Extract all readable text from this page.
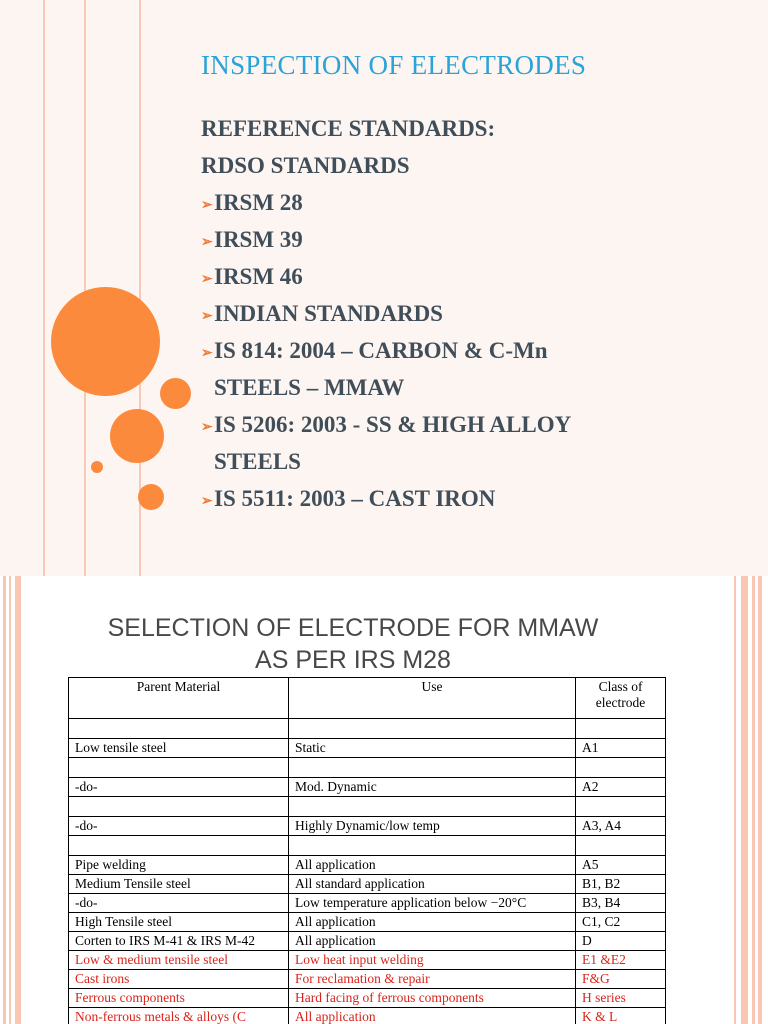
INSPECTION OF ELECTRODES
REFERENCE STANDARDS:
RDSO STANDARDS
➢IRSM 28
➢IRSM 39
➢IRSM 46
➢INDIAN STANDARDS
➢IS 814: 2004 – CARBON & C-Mn
STEELS – MMAW
➢IS 5206: 2003 - SS & HIGH ALLOY
STEELS
➢IS 5511: 2003 – CAST IRON
SELECTION OF ELECTRODE FOR MMAW
AS PER IRS M28
Parent Material	Use	Class of electrode

Low tensile steel	Static	A1

-do-	Mod. Dynamic	A2

-do-	Highly Dynamic/low temp	A3, A4

Pipe welding	All application	A5
Medium Tensile steel	All standard application	B1, B2
-do-	Low temperature application below −20°C	B3, B4
High Tensile steel	All application	C1, C2
Corten to IRS M-41 & IRS M-42	All application	D
Low & medium tensile steel	Low heat input welding	E1 &E2
Cast irons	For reclamation & repair	F&G
Ferrous components	Hard facing of ferrous components	H series
Non-ferrous metals & alloys (C	All application	K & L
